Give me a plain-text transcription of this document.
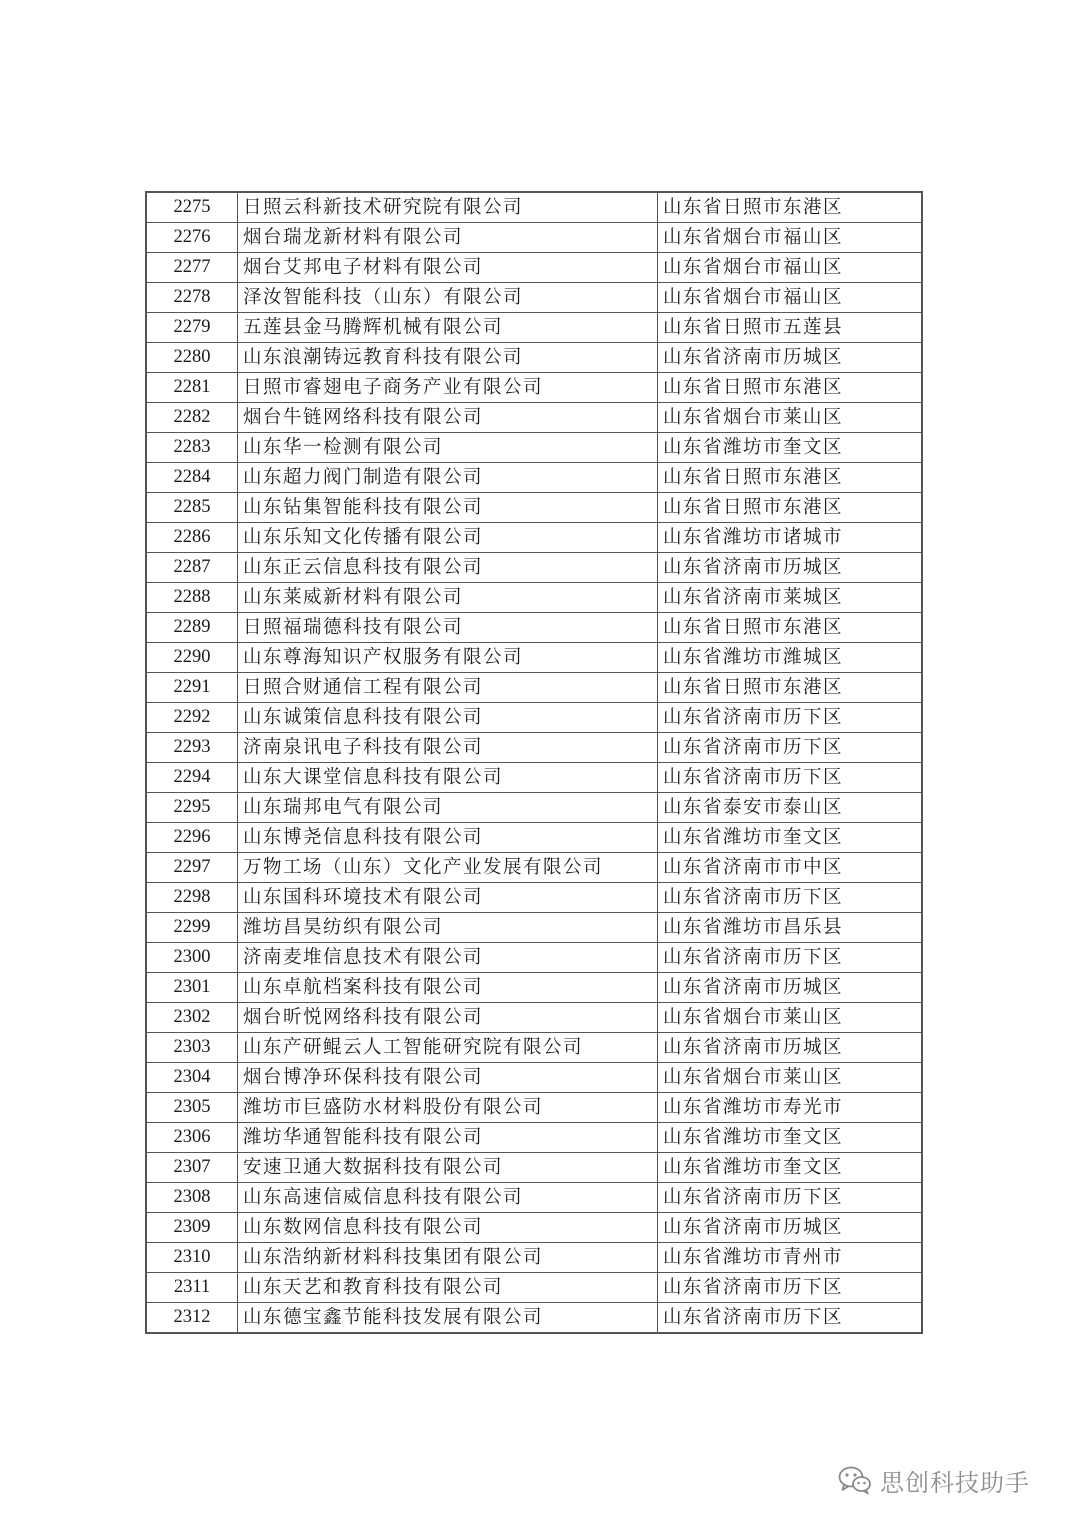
2275	日照云科新技术研究院有限公司	山东省日照市东港区
2276	烟台瑞龙新材料有限公司	山东省烟台市福山区
2277	烟台艾邦电子材料有限公司	山东省烟台市福山区
2278	泽汝智能科技（山东）有限公司	山东省烟台市福山区
2279	五莲县金马腾辉机械有限公司	山东省日照市五莲县
2280	山东浪潮铸远教育科技有限公司	山东省济南市历城区
2281	日照市睿翅电子商务产业有限公司	山东省日照市东港区
2282	烟台牛链网络科技有限公司	山东省烟台市莱山区
2283	山东华一检测有限公司	山东省潍坊市奎文区
2284	山东超力阀门制造有限公司	山东省日照市东港区
2285	山东钻集智能科技有限公司	山东省日照市东港区
2286	山东乐知文化传播有限公司	山东省潍坊市诸城市
2287	山东正云信息科技有限公司	山东省济南市历城区
2288	山东莱威新材料有限公司	山东省济南市莱城区
2289	日照福瑞德科技有限公司	山东省日照市东港区
2290	山东尊海知识产权服务有限公司	山东省潍坊市潍城区
2291	日照合财通信工程有限公司	山东省日照市东港区
2292	山东诚策信息科技有限公司	山东省济南市历下区
2293	济南泉讯电子科技有限公司	山东省济南市历下区
2294	山东大课堂信息科技有限公司	山东省济南市历下区
2295	山东瑞邦电气有限公司	山东省泰安市泰山区
2296	山东博尧信息科技有限公司	山东省潍坊市奎文区
2297	万物工场（山东）文化产业发展有限公司	山东省济南市市中区
2298	山东国科环境技术有限公司	山东省济南市历下区
2299	潍坊昌昊纺织有限公司	山东省潍坊市昌乐县
2300	济南麦堆信息技术有限公司	山东省济南市历下区
2301	山东卓航档案科技有限公司	山东省济南市历城区
2302	烟台昕悦网络科技有限公司	山东省烟台市莱山区
2303	山东产研鲲云人工智能研究院有限公司	山东省济南市历城区
2304	烟台博净环保科技有限公司	山东省烟台市莱山区
2305	潍坊市巨盛防水材料股份有限公司	山东省潍坊市寿光市
2306	潍坊华通智能科技有限公司	山东省潍坊市奎文区
2307	安速卫通大数据科技有限公司	山东省潍坊市奎文区
2308	山东高速信威信息科技有限公司	山东省济南市历下区
2309	山东数网信息科技有限公司	山东省济南市历城区
2310	山东浩纳新材料科技集团有限公司	山东省潍坊市青州市
2311	山东天艺和教育科技有限公司	山东省济南市历下区
2312	山东德宝鑫节能科技发展有限公司	山东省济南市历下区
思创科技助手
